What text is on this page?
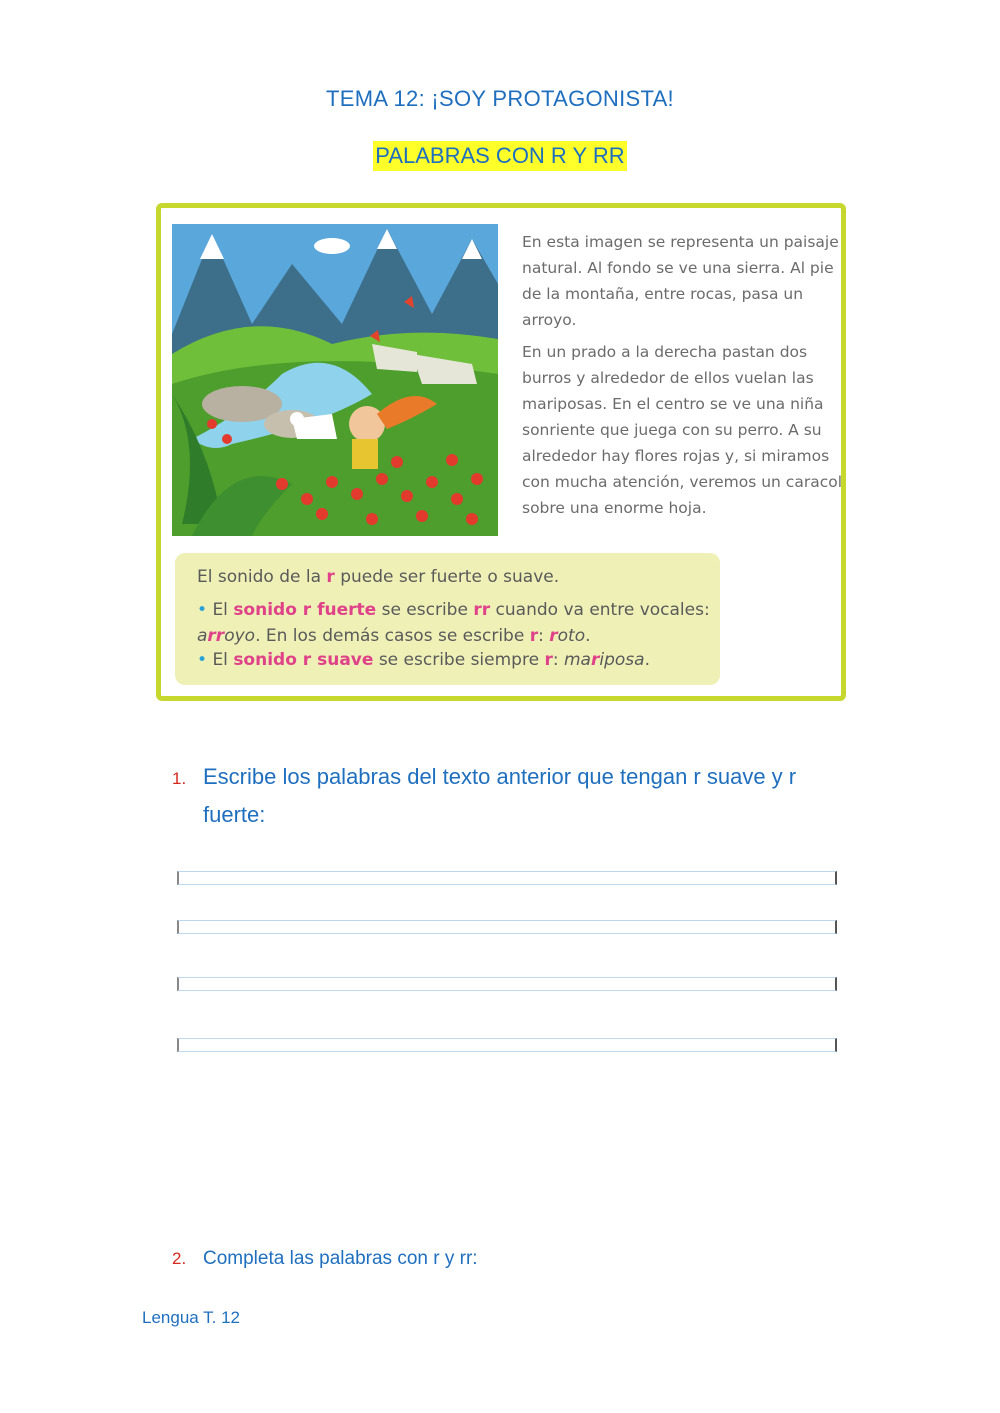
TEMA 12: ¡SOY PROTAGONISTA!
PALABRAS CON R Y RR

En esta imagen se representa un paisaje natural. Al fondo se ve una sierra. Al pie de la montaña, entre rocas, pasa un arroyo.

En un prado a la derecha pastan dos burros y alrededor de ellos vuelan las mariposas. En el centro se ve una niña sonriente que juega con su perro. A su alrededor hay flores rojas y, si miramos con mucha atención, veremos un caracol sobre una enorme hoja.

El sonido de la r puede ser fuerte o suave.
• El sonido r fuerte se escribe rr cuando va entre vocales: arroyo. En los demás casos se escribe r: roto.
• El sonido r suave se escribe siempre r: mariposa.
1. Escribe los palabras del texto anterior que tengan r suave y r fuerte:
2. Completa las palabras con r y rr:
Lengua T. 12
